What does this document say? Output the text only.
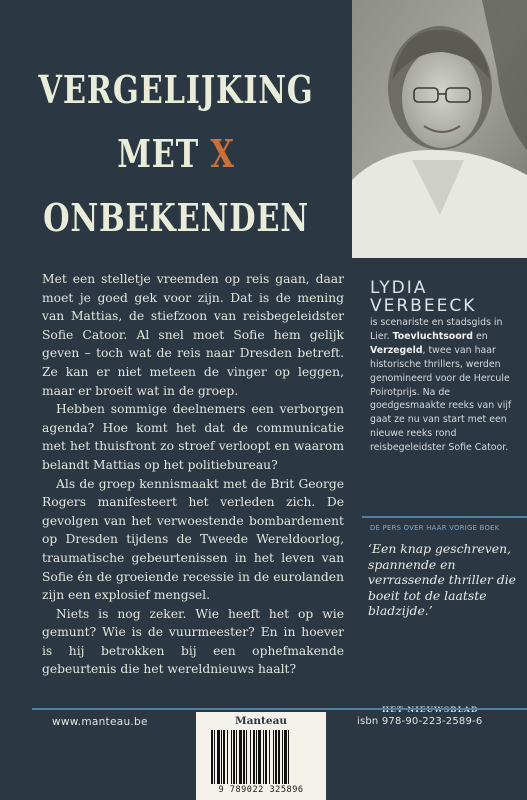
VERGELIJKING
MET X
ONBEKENDEN

Met een stelletje vreemden op reis gaan, daar moet je goed gek voor zijn. Dat is de mening van Mattias, de stiefzoon van reisbegeleidster Sofie Catoor. Al snel moet Sofie hem gelijk geven – toch wat de reis naar Dresden betreft. Ze kan er niet meteen de vinger op leggen, maar er broeit wat in de groep.

Hebben sommige deelnemers een verborgen agenda? Hoe komt het dat de communicatie met het thuisfront zo stroef verloopt en waarom belandt Mattias op het politiebureau?

Als de groep kennismaakt met de Brit George Rogers manifesteert het verleden zich. De gevolgen van het verwoestende bombardement op Dresden tijdens de Tweede Wereldoorlog, traumatische gebeurtenissen in het leven van Sofie én de groeiende recessie in de eurolanden zijn een explosief mengsel.

Niets is nog zeker. Wie heeft het op wie gemunt? Wie is de vuurmeester? En in hoever is hij betrokken bij een ophefmakende gebeurtenis die het wereldnieuws haalt?

LYDIA
VERBEECK
is scenariste en stadsgids in Lier. Toevluchtsoord en Verzegeld, twee van haar historische thrillers, werden genomineerd voor de Hercule Poirotprijs. Na de goedgesmaakte reeks van vijf gaat ze nu van start met een nieuwe reeks rond reisbegeleidster Sofie Catoor.
DE PERS OVER HAAR VORIGE BOEK
‘Een knap geschreven, spannende en verrassende thriller die boeit tot de laatste bladzijde.’
www.manteau.be	Manteau
9 789022 325896
isbn 978-90-223-2589-6
